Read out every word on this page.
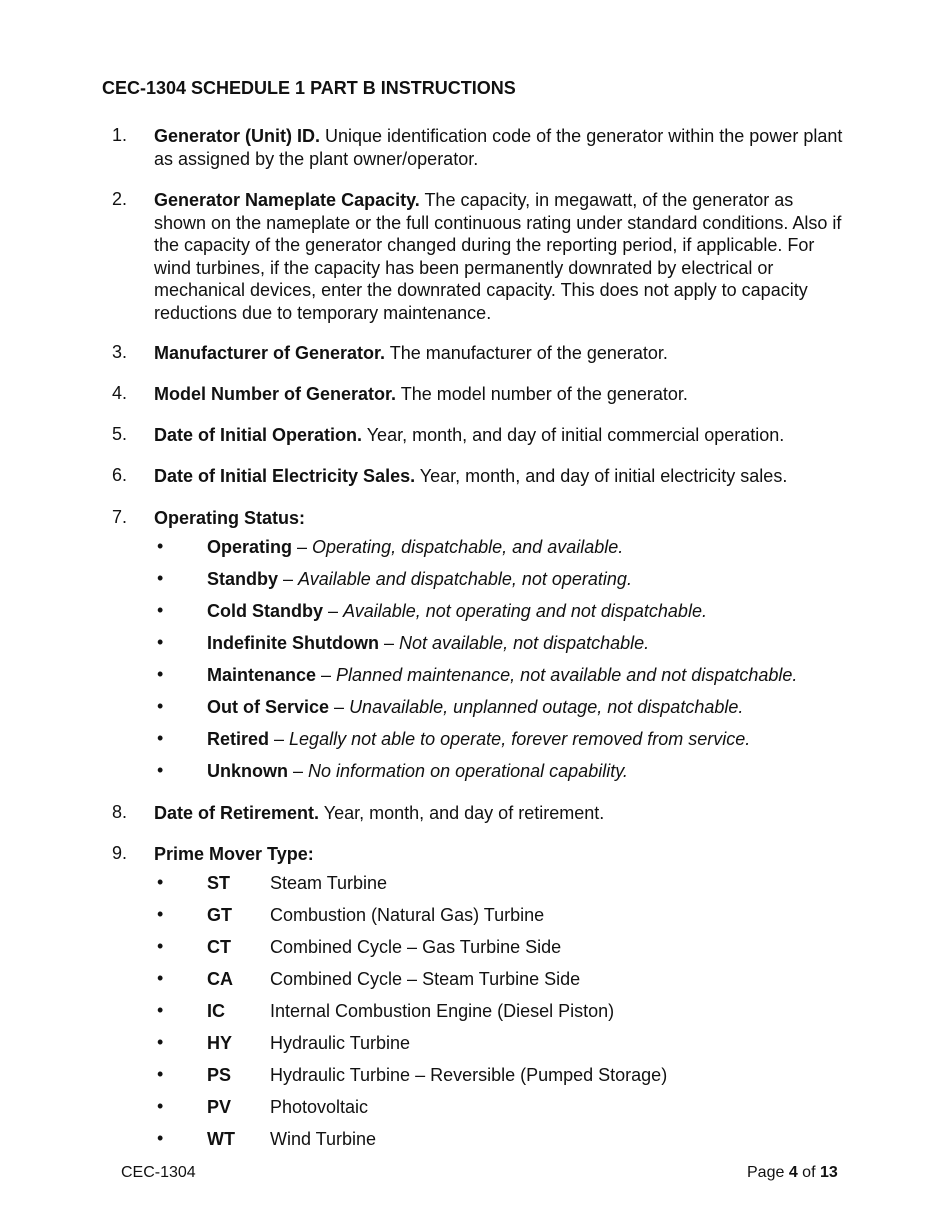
CEC-1304 SCHEDULE 1 PART B INSTRUCTIONS
1. Generator (Unit) ID. Unique identification code of the generator within the power plant as assigned by the plant owner/operator.
2. Generator Nameplate Capacity. The capacity, in megawatt, of the generator as shown on the nameplate or the full continuous rating under standard conditions. Also if the capacity of the generator changed during the reporting period, if applicable. For wind turbines, if the capacity has been permanently downrated by electrical or mechanical devices, enter the downrated capacity. This does not apply to capacity reductions due to temporary maintenance.
3. Manufacturer of Generator. The manufacturer of the generator.
4. Model Number of Generator. The model number of the generator.
5. Date of Initial Operation. Year, month, and day of initial commercial operation.
6. Date of Initial Electricity Sales. Year, month, and day of initial electricity sales.
7. Operating Status:
• Operating – Operating, dispatchable, and available.
• Standby – Available and dispatchable, not operating.
• Cold Standby – Available, not operating and not dispatchable.
• Indefinite Shutdown – Not available, not dispatchable.
• Maintenance – Planned maintenance, not available and not dispatchable.
• Out of Service – Unavailable, unplanned outage, not dispatchable.
• Retired – Legally not able to operate, forever removed from service.
• Unknown – No information on operational capability.
8. Date of Retirement. Year, month, and day of retirement.
9. Prime Mover Type:
• ST Steam Turbine
• GT Combustion (Natural Gas) Turbine
• CT Combined Cycle – Gas Turbine Side
• CA Combined Cycle – Steam Turbine Side
• IC	Internal Combustion Engine (Diesel Piston)
• HY Hydraulic Turbine
• PS Hydraulic Turbine – Reversible (Pumped Storage)
• PV Photovoltaic
• WT Wind Turbine
CEC-1304	Page 4 of 13
